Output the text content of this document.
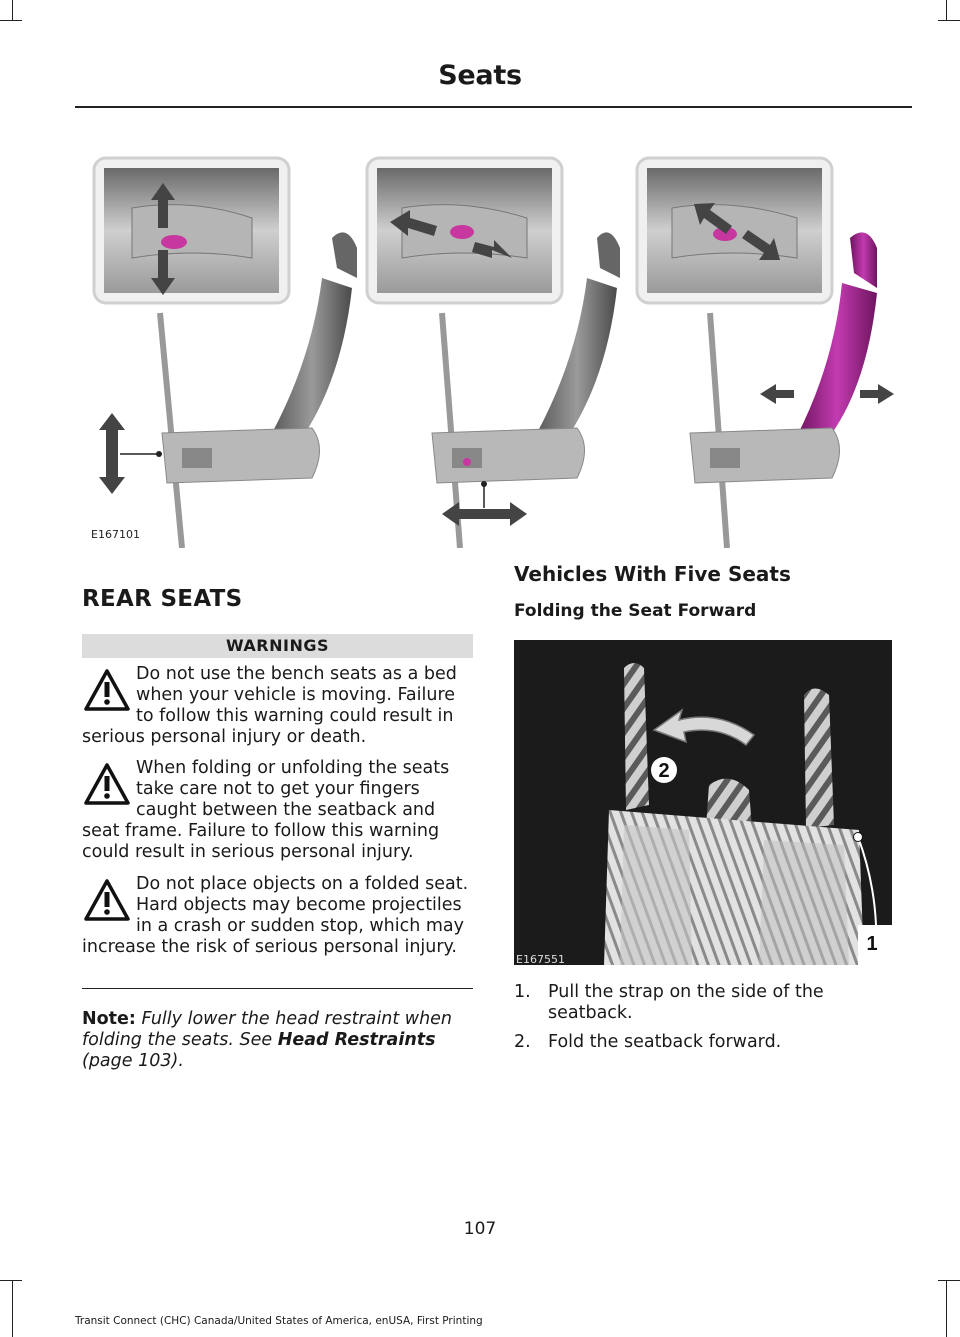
Seats
E167101
REAR SEATS
WARNINGS
Do not use the bench seats as a bed when your vehicle is moving. Failure to follow this warning could result in serious personal injury or death.
When folding or unfolding the seats take care not to get your fingers caught between the seatback and seat frame. Failure to follow this warning could result in serious personal injury.
Do not place objects on a folded seat. Hard objects may become projectiles in a crash or sudden stop, which may increase the risk of serious personal injury.
Note: Fully lower the head restraint when folding the seats. See Head Restraints (page 103).
Vehicles With Five Seats
Folding the Seat Forward
2
1
E167551
1. Pull the strap on the side of the seatback.
2. Fold the seatback forward.
107
Transit Connect (CHC) Canada/United States of America, enUSA, First Printing
